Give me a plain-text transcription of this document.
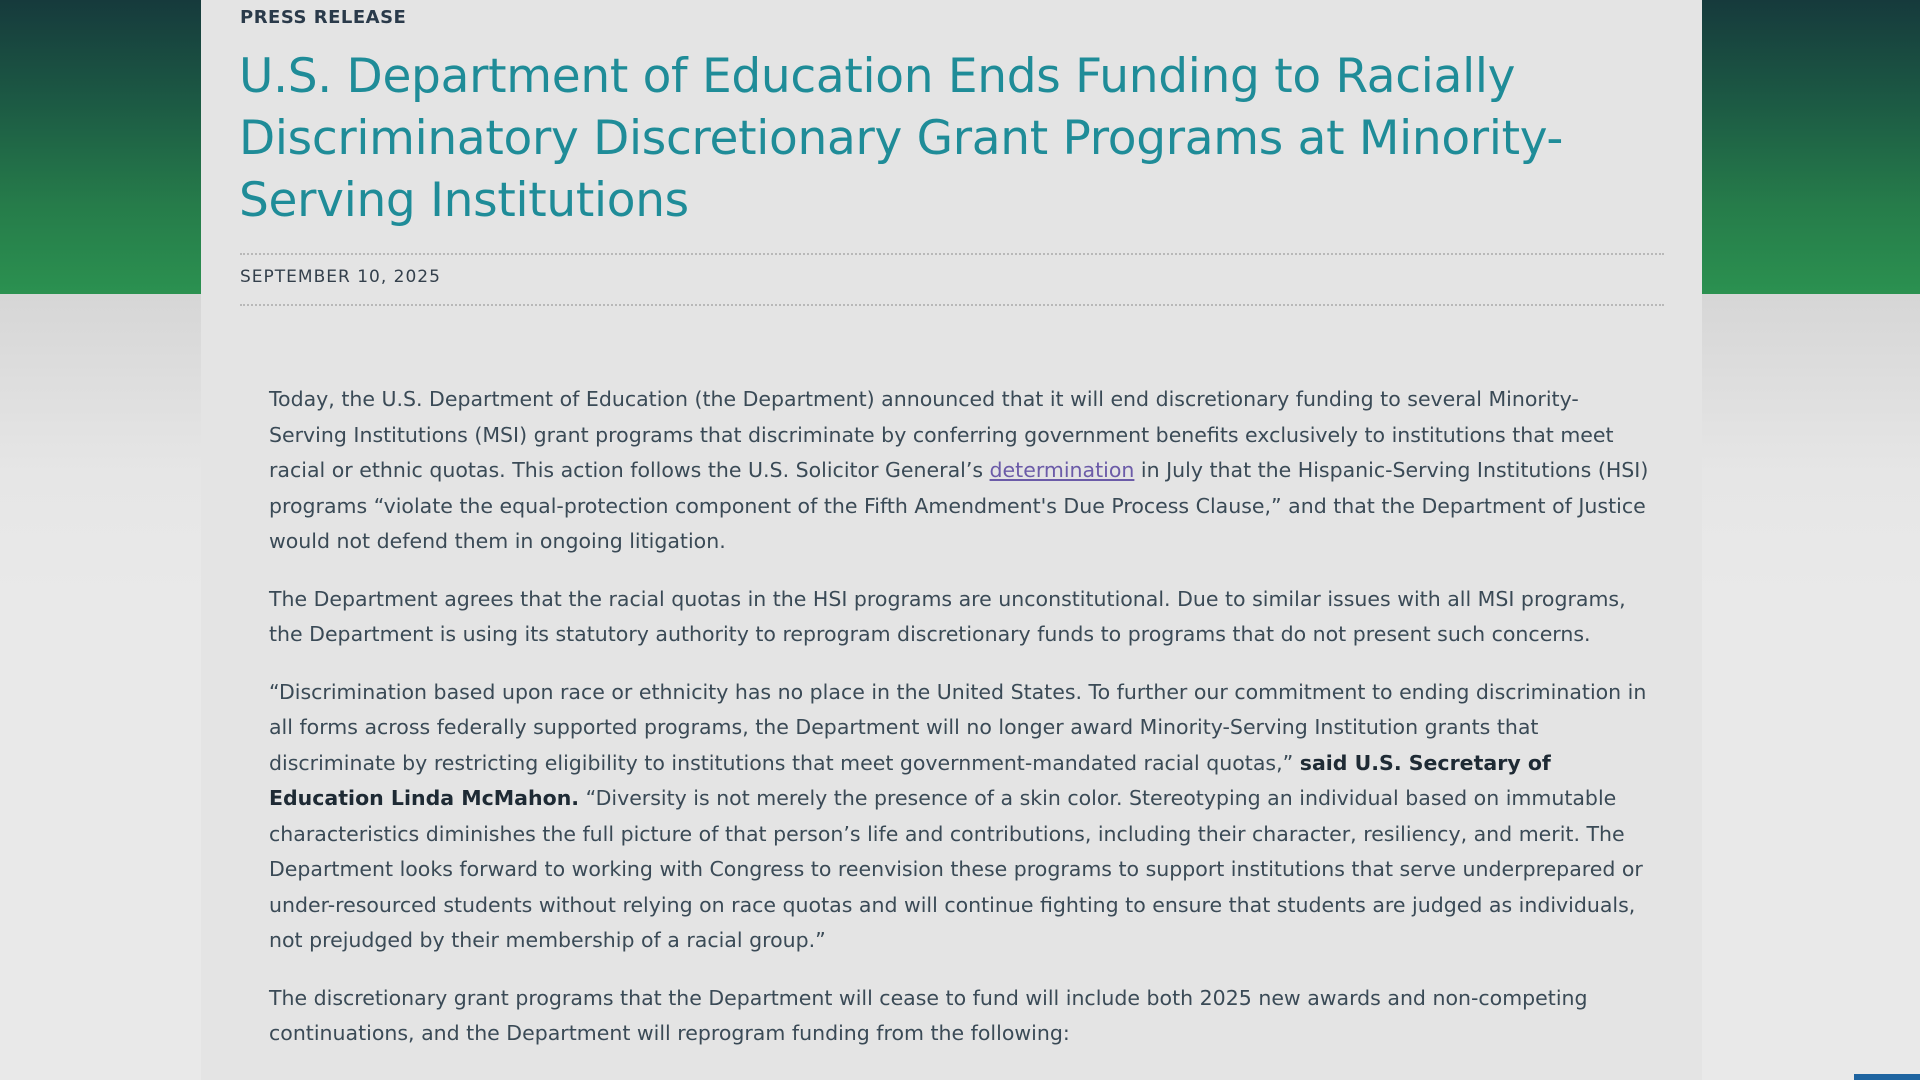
PRESS RELEASE

U.S. Department of Education Ends Funding to Racially Discriminatory Discretionary Grant Programs at Minority-Serving Institutions

SEPTEMBER 10, 2025

Today, the U.S. Department of Education (the Department) announced that it will end discretionary funding to several Minority-Serving Institutions (MSI) grant programs that discriminate by conferring government benefits exclusively to institutions that meet racial or ethnic quotas. This action follows the U.S. Solicitor General’s determination in July that the Hispanic-Serving Institutions (HSI) programs “violate the equal-protection component of the Fifth Amendment's Due Process Clause,” and that the Department of Justice would not defend them in ongoing litigation.

The Department agrees that the racial quotas in the HSI programs are unconstitutional. Due to similar issues with all MSI programs, the Department is using its statutory authority to reprogram discretionary funds to programs that do not present such concerns.

“Discrimination based upon race or ethnicity has no place in the United States. To further our commitment to ending discrimination in all forms across federally supported programs, the Department will no longer award Minority-Serving Institution grants that discriminate by restricting eligibility to institutions that meet government-mandated racial quotas,” said U.S. Secretary of Education Linda McMahon. “Diversity is not merely the presence of a skin color. Stereotyping an individual based on immutable characteristics diminishes the full picture of that person’s life and contributions, including their character, resiliency, and merit. The Department looks forward to working with Congress to reenvision these programs to support institutions that serve underprepared or under-resourced students without relying on race quotas and will continue fighting to ensure that students are judged as individuals, not prejudged by their membership of a racial group.”

The discretionary grant programs that the Department will cease to fund will include both 2025 new awards and non-competing continuations, and the Department will reprogram funding from the following:
